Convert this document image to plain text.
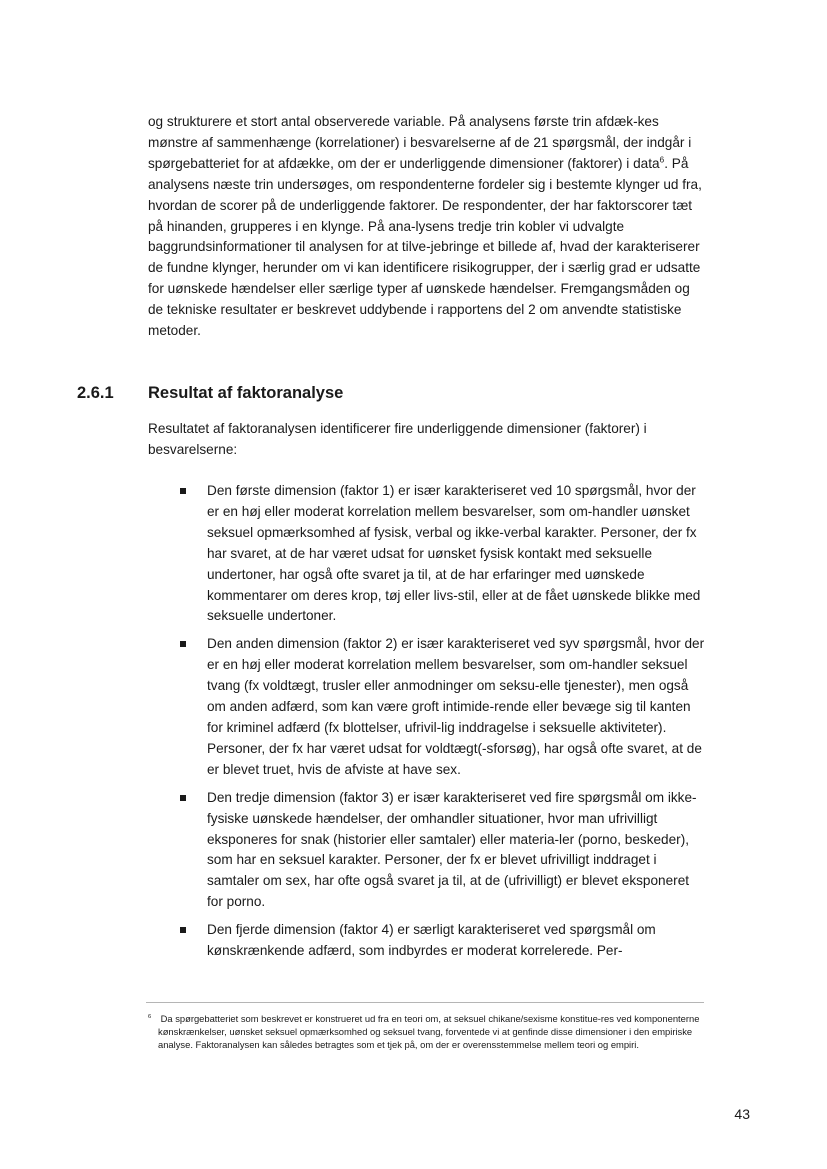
og strukturere et stort antal observerede variable. På analysens første trin afdæk-kes mønstre af sammenhænge (korrelationer) i besvarelserne af de 21 spørgsmål, der indgår i spørgebatteriet for at afdække, om der er underliggende dimensioner (faktorer) i data$^6$. På analysens næste trin undersøges, om respondenterne fordeler sig i bestemte klynger ud fra, hvordan de scorer på de underliggende faktorer. De respondenter, der har faktorscorer tæt på hinanden, grupperes i en klynge. På ana-lysens tredje trin kobler vi udvalgte baggrundsinformationer til analysen for at tilve-jebringe et billede af, hvad der karakteriserer de fundne klynger, herunder om vi kan identificere risikogrupper, der i særlig grad er udsatte for uønskede hændelser eller særlige typer af uønskede hændelser. Fremgangsmåden og de tekniske resultater er beskrevet uddybende i rapportens del 2 om anvendte statistiske metoder.

2.6.1	Resultat af faktoranalyse

Resultatet af faktoranalysen identificerer fire underliggende dimensioner (faktorer) i besvarelserne:

Den første dimension (faktor 1) er især karakteriseret ved 10 spørgsmål, hvor der er en høj eller moderat korrelation mellem besvarelser, som om-handler uønsket seksuel opmærksomhed af fysisk, verbal og ikke-verbal karakter. Personer, der fx har svaret, at de har været udsat for uønsket fysisk kontakt med seksuelle undertoner, har også ofte svaret ja til, at de har erfaringer med uønskede kommentarer om deres krop, tøj eller livs-stil, eller at de fået uønskede blikke med seksuelle undertoner.
Den anden dimension (faktor 2) er især karakteriseret ved syv spørgsmål, hvor der er en høj eller moderat korrelation mellem besvarelser, som om-handler seksuel tvang (fx voldtægt, trusler eller anmodninger om seksu-elle tjenester), men også om anden adfærd, som kan være groft intimide-rende eller bevæge sig til kanten for kriminel adfærd (fx blottelser, ufrivil-lig inddragelse i seksuelle aktiviteter). Personer, der fx har været udsat for voldtægt(-sforsøg), har også ofte svaret, at de er blevet truet, hvis de afviste at have sex.
Den tredje dimension (faktor 3) er især karakteriseret ved fire spørgsmål om ikke-fysiske uønskede hændelser, der omhandler situationer, hvor man ufrivilligt eksponeres for snak (historier eller samtaler) eller materia-ler (porno, beskeder), som har en seksuel karakter. Personer, der fx er blevet ufrivilligt inddraget i samtaler om sex, har ofte også svaret ja til, at de (ufrivilligt) er blevet eksponeret for porno.
Den fjerde dimension (faktor 4) er særligt karakteriseret ved spørgsmål om kønskrænkende adfærd, som indbyrdes er moderat korrelerede. Per-

$^6$ Da spørgebatteriet som beskrevet er konstrueret ud fra en teori om, at seksuel chikane/sexisme konstitue-res ved komponenterne kønskrænkelser, uønsket seksuel opmærksomhed og seksuel tvang, forventede vi at genfinde disse dimensioner i den empiriske analyse. Faktoranalysen kan således betragtes som et tjek på, om der er overensstemmelse mellem teori og empiri.

43
